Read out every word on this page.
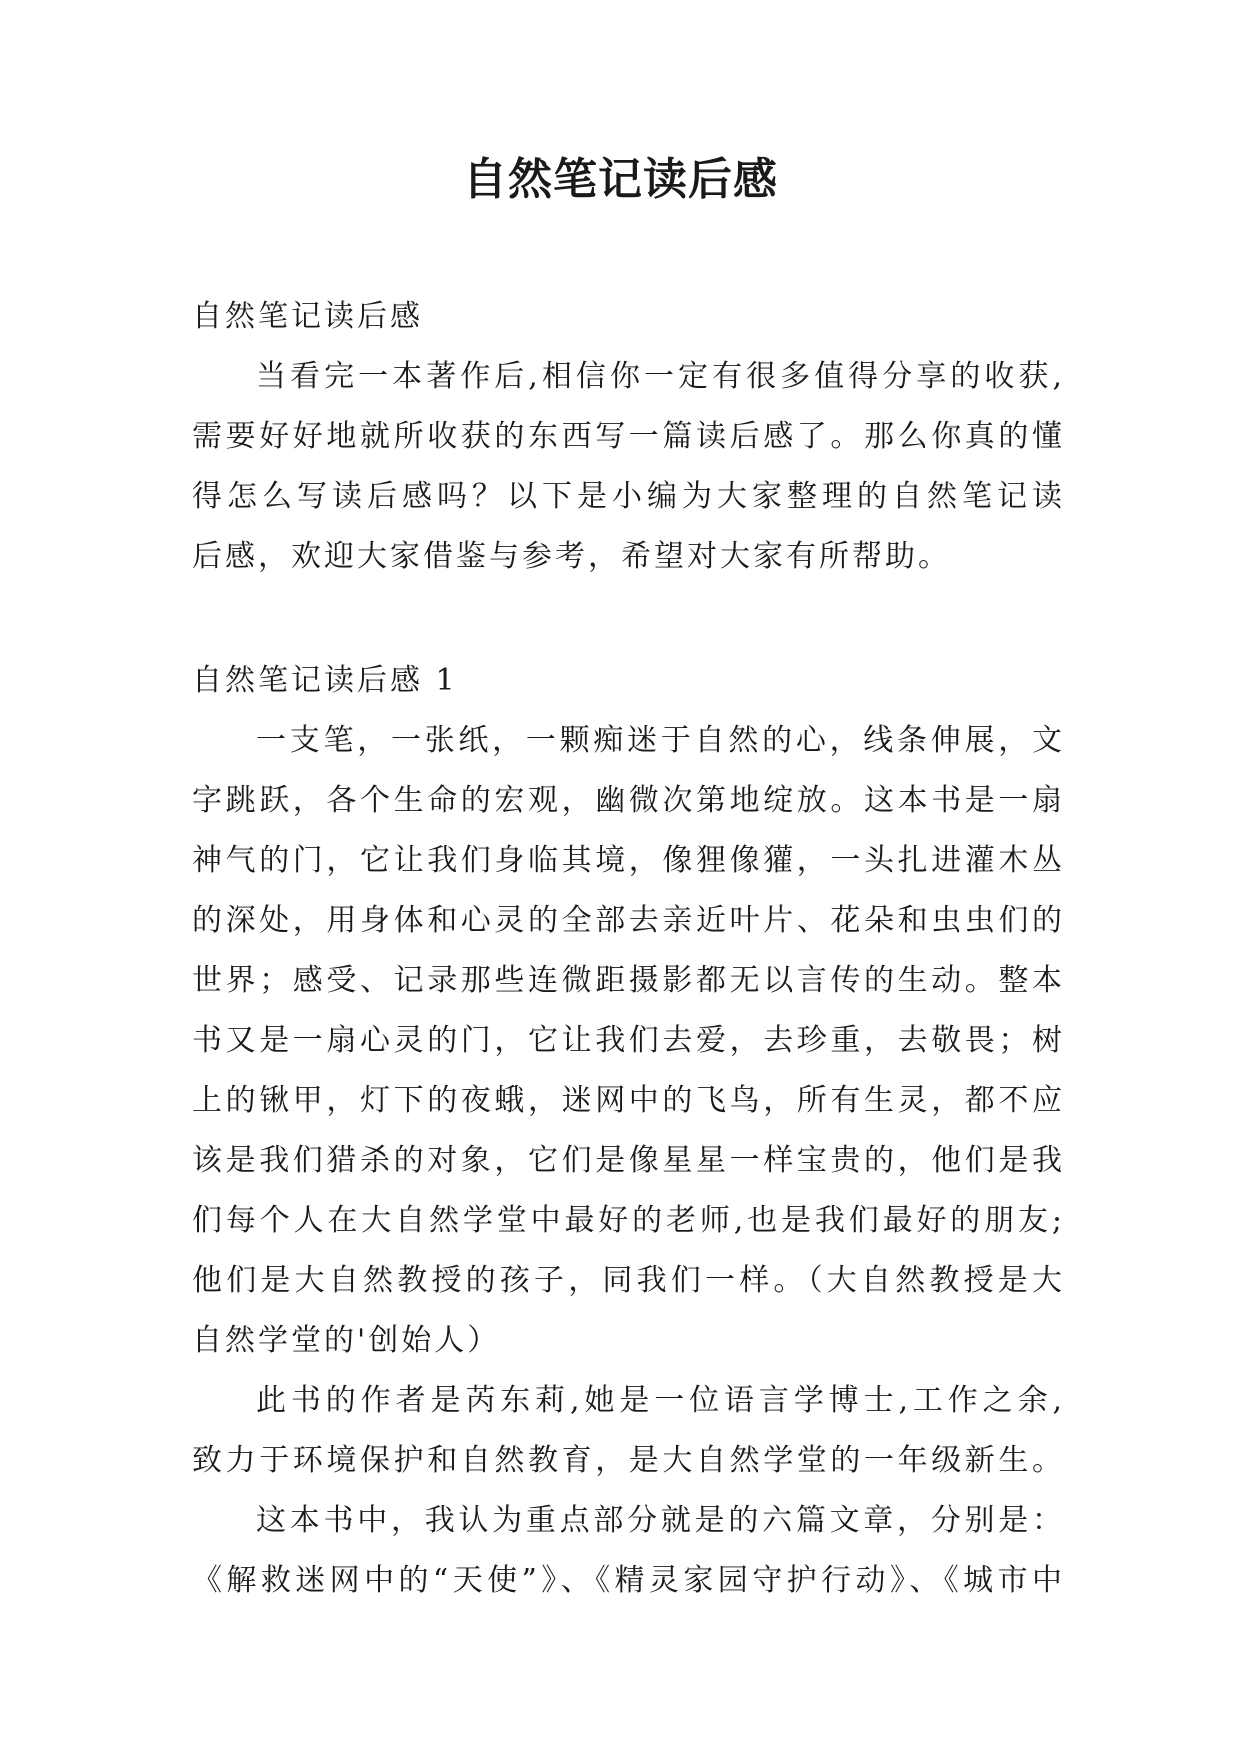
自然笔记读后感
自然笔记读后感
当看完一本著作后,相信你一定有很多值得分享的收获,
需要好好地就所收获的东西写一篇读后感了。那么你真的懂
得怎么写读后感吗？以下是小编为大家整理的自然笔记读
后感，欢迎大家借鉴与参考，希望对大家有所帮助。
自然笔记读后感 1
一支笔，一张纸，一颗痴迷于自然的心，线条伸展，文
字跳跃，各个生命的宏观，幽微次第地绽放。这本书是一扇
神气的门，它让我们身临其境，像狸像獾，一头扎进灌木丛
的深处，用身体和心灵的全部去亲近叶片、花朵和虫虫们的
世界；感受、记录那些连微距摄影都无以言传的生动。整本
书又是一扇心灵的门，它让我们去爱，去珍重，去敬畏；树
上的锹甲，灯下的夜蛾，迷网中的飞鸟，所有生灵，都不应
该是我们猎杀的对象，它们是像星星一样宝贵的，他们是我
们每个人在大自然学堂中最好的老师,也是我们最好的朋友;
他们是大自然教授的孩子，同我们一样。（大自然教授是大
自然学堂的'创始人）
此书的作者是芮东莉,她是一位语言学博士,工作之余,
致力于环境保护和自然教育，是大自然学堂的一年级新生。
这本书中，我认为重点部分就是的六篇文章，分别是：
《解救迷网中的“天使”》、《精灵家园守护行动》、《城市中
